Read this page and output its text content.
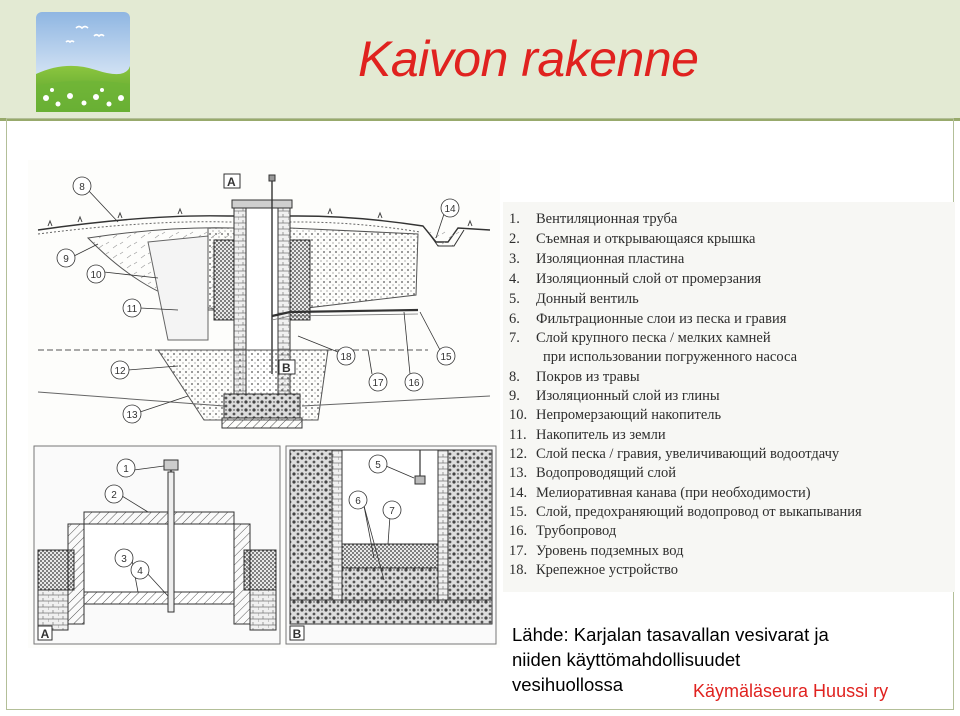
Kaivon rakenne
A
B
8
9
10
11
12
13
14
15
16
17
18
1
2
3
4
A
5
6
7
B
1. Вентиляционная труба
2. Съемная и открывающаяся крышка
3. Изоляционная пластина
4. Изоляционный слой от промерзания
5. Донный вентиль
6. Фильтрационные слои из песка и гравия
7. Слой крупного песка / мелких камней
при использовании погруженного насоса
8. Покров из травы
9. Изоляционный слой из глины
10. Непромерзающий накопитель
11. Накопитель из земли
12. Слой песка / гравия, увеличивающий водоотдачу
13. Водопроводящий слой
14. Мелиоративная канава (при необходимости)
15. Слой, предохраняющий водопровод от выкапывания
16. Трубопровод
17. Уровень подземных вод
18. Крепежное устройство
Lähde: Karjalan tasavallan vesivarat ja
niiden käyttömahdollisuudet
vesihuollossa	Käymäläseura Huussi ry
